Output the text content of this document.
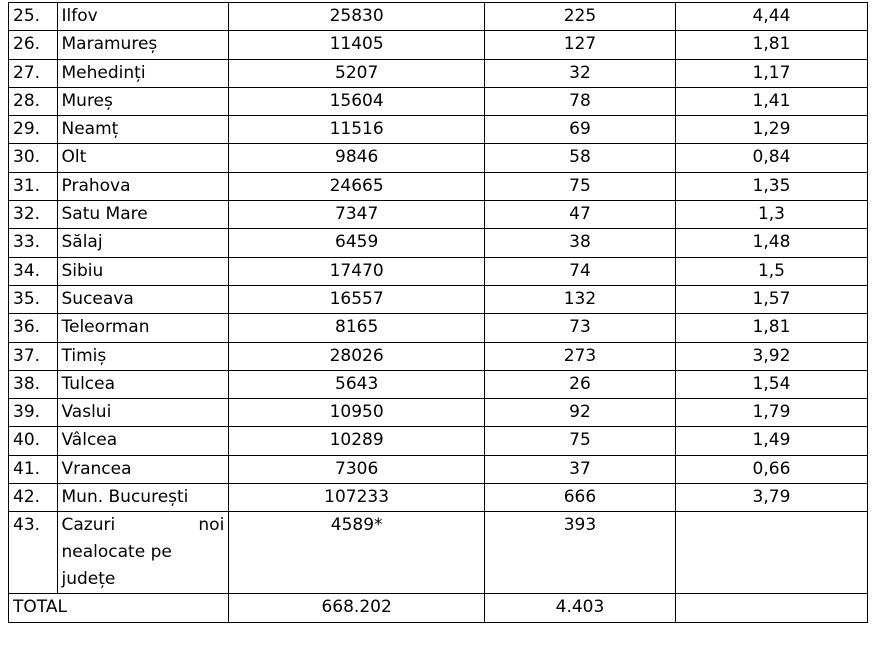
25.	Ilfov	25830	225	4,44
26.	Maramureș	11405	127	1,81
27.	Mehedinți	5207	32	1,17
28.	Mureș	15604	78	1,41
29.	Neamț	11516	69	1,29
30.	Olt	9846	58	0,84
31.	Prahova	24665	75	1,35
32.	Satu Mare	7347	47	1,3
33.	Sălaj	6459	38	1,48
34.	Sibiu	17470	74	1,5
35.	Suceava	16557	132	1,57
36.	Teleorman	8165	73	1,81
37.	Timiș	28026	273	3,92
38.	Tulcea	5643	26	1,54
39.	Vaslui	10950	92	1,79
40.	Vâlcea	10289	75	1,49
41.	Vrancea	7306	37	0,66
42.	Mun. București	107233	666	3,79
43.	Cazuri noi
nealocate pe județe	4589*	393	
TOTAL		668.202	4.403	
